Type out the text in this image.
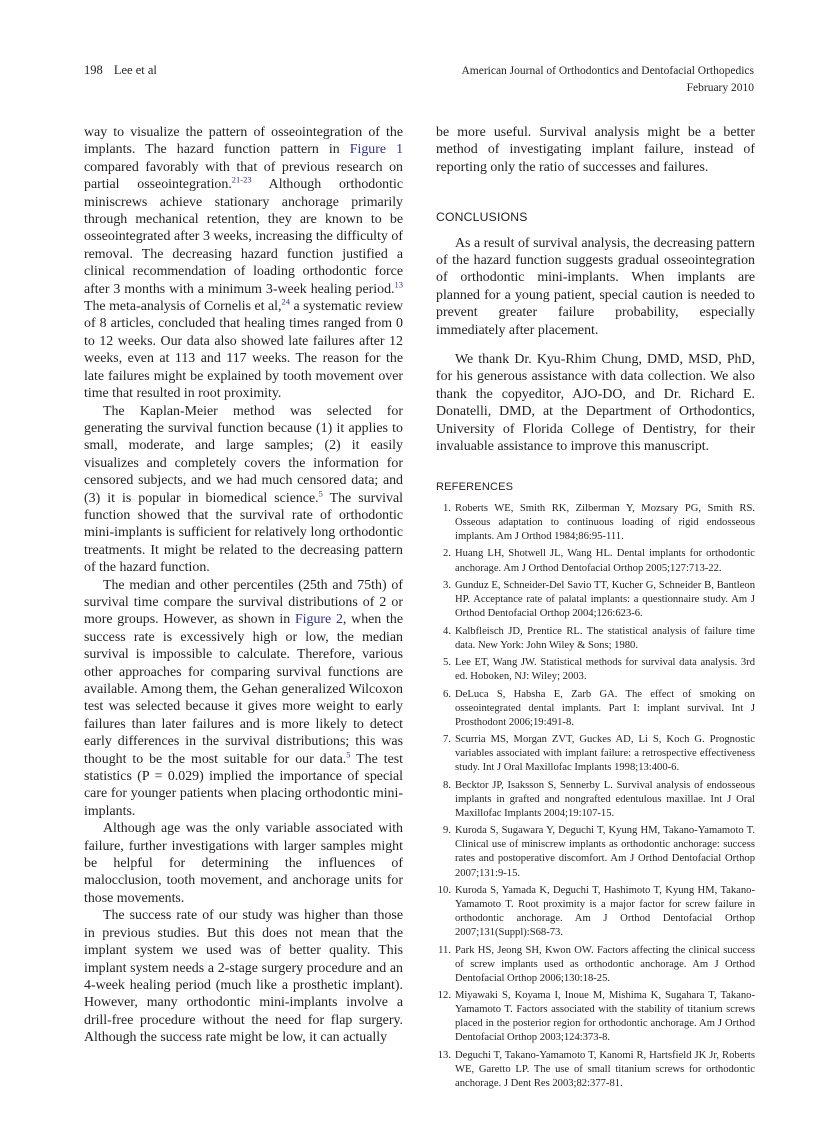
198 Lee et al	American Journal of Orthodontics and Dentofacial Orthopedics
February 2010

way to visualize the pattern of osseointegration of the implants. The hazard function pattern in Figure 1 compared favorably with that of previous research on partial osseointegration.$^{21-23}$ Although orthodontic miniscrews achieve stationary anchorage primarily through mechanical retention, they are known to be osseointegrated after 3 weeks, increasing the difficulty of removal. The decreasing hazard function justified a clinical recommendation of loading orthodontic force after 3 months with a minimum 3-week healing period.$^{13}$ The meta-analysis of Cornelis et al,$^{24}$ a systematic review of 8 articles, concluded that healing times ranged from 0 to 12 weeks. Our data also showed late failures after 12 weeks, even at 113 and 117 weeks. The reason for the late failures might be explained by tooth movement over time that resulted in root proximity.

The Kaplan-Meier method was selected for generating the survival function because (1) it applies to small, moderate, and large samples; (2) it easily visualizes and completely covers the information for censored subjects, and we had much censored data; and (3) it is popular in biomedical science.$^5$ The survival function showed that the survival rate of orthodontic mini-implants is sufficient for relatively long orthodontic treatments. It might be related to the decreasing pattern of the hazard function.

The median and other percentiles (25th and 75th) of survival time compare the survival distributions of 2 or more groups. However, as shown in Figure 2, when the success rate is excessively high or low, the median survival is impossible to calculate. Therefore, various other approaches for comparing survival functions are available. Among them, the Gehan generalized Wilcoxon test was selected because it gives more weight to early failures than later failures and is more likely to detect early differences in the survival distributions; this was thought to be the most suitable for our data.$^5$ The test statistics (P = 0.029) implied the importance of special care for younger patients when placing orthodontic mini-implants.

Although age was the only variable associated with failure, further investigations with larger samples might be helpful for determining the influences of malocclusion, tooth movement, and anchorage units for those movements.

The success rate of our study was higher than those in previous studies. But this does not mean that the implant system we used was of better quality. This implant system needs a 2-stage surgery procedure and an 4-week healing period (much like a prosthetic implant). However, many orthodontic mini-implants involve a drill-free procedure without the need for flap surgery. Although the success rate might be low, it can actually

be more useful. Survival analysis might be a better method of investigating implant failure, instead of reporting only the ratio of successes and failures.

CONCLUSIONS

As a result of survival analysis, the decreasing pattern of the hazard function suggests gradual osseointegration of orthodontic mini-implants. When implants are planned for a young patient, special caution is needed to prevent greater failure probability, especially immediately after placement.

We thank Dr. Kyu-Rhim Chung, DMD, MSD, PhD, for his generous assistance with data collection. We also thank the copyeditor, AJO-DO, and Dr. Richard E. Donatelli, DMD, at the Department of Orthodontics, University of Florida College of Dentistry, for their invaluable assistance to improve this manuscript.

REFERENCES
1. Roberts WE, Smith RK, Zilberman Y, Mozsary PG, Smith RS. Osseous adaptation to continuous loading of rigid endosseous implants. Am J Orthod 1984;86:95-111.
2. Huang LH, Shotwell JL, Wang HL. Dental implants for orthodontic anchorage. Am J Orthod Dentofacial Orthop 2005;127:713-22.
3. Gunduz E, Schneider-Del Savio TT, Kucher G, Schneider B, Bantleon HP. Acceptance rate of palatal implants: a questionnaire study. Am J Orthod Dentofacial Orthop 2004;126:623-6.
4. Kalbfleisch JD, Prentice RL. The statistical analysis of failure time data. New York: John Wiley & Sons; 1980.
5. Lee ET, Wang JW. Statistical methods for survival data analysis. 3rd ed. Hoboken, NJ: Wiley; 2003.
6. DeLuca S, Habsha E, Zarb GA. The effect of smoking on osseointegrated dental implants. Part I: implant survival. Int J Prosthodont 2006;19:491-8.
7. Scurria MS, Morgan ZVT, Guckes AD, Li S, Koch G. Prognostic variables associated with implant failure: a retrospective effectiveness study. Int J Oral Maxillofac Implants 1998;13:400-6.
8. Becktor JP, Isaksson S, Sennerby L. Survival analysis of endosseous implants in grafted and nongrafted edentulous maxillae. Int J Oral Maxillofac Implants 2004;19:107-15.
9. Kuroda S, Sugawara Y, Deguchi T, Kyung HM, Takano-Yamamoto T. Clinical use of miniscrew implants as orthodontic anchorage: success rates and postoperative discomfort. Am J Orthod Dentofacial Orthop 2007;131:9-15.
10. Kuroda S, Yamada K, Deguchi T, Hashimoto T, Kyung HM, Takano-Yamamoto T. Root proximity is a major factor for screw failure in orthodontic anchorage. Am J Orthod Dentofacial Orthop 2007;131(Suppl):S68-73.
11. Park HS, Jeong SH, Kwon OW. Factors affecting the clinical success of screw implants used as orthodontic anchorage. Am J Orthod Dentofacial Orthop 2006;130:18-25.
12. Miyawaki S, Koyama I, Inoue M, Mishima K, Sugahara T, Takano-Yamamoto T. Factors associated with the stability of titanium screws placed in the posterior region for orthodontic anchorage. Am J Orthod Dentofacial Orthop 2003;124:373-8.
13. Deguchi T, Takano-Yamamoto T, Kanomi R, Hartsfield JK Jr, Roberts WE, Garetto LP. The use of small titanium screws for orthodontic anchorage. J Dent Res 2003;82:377-81.
